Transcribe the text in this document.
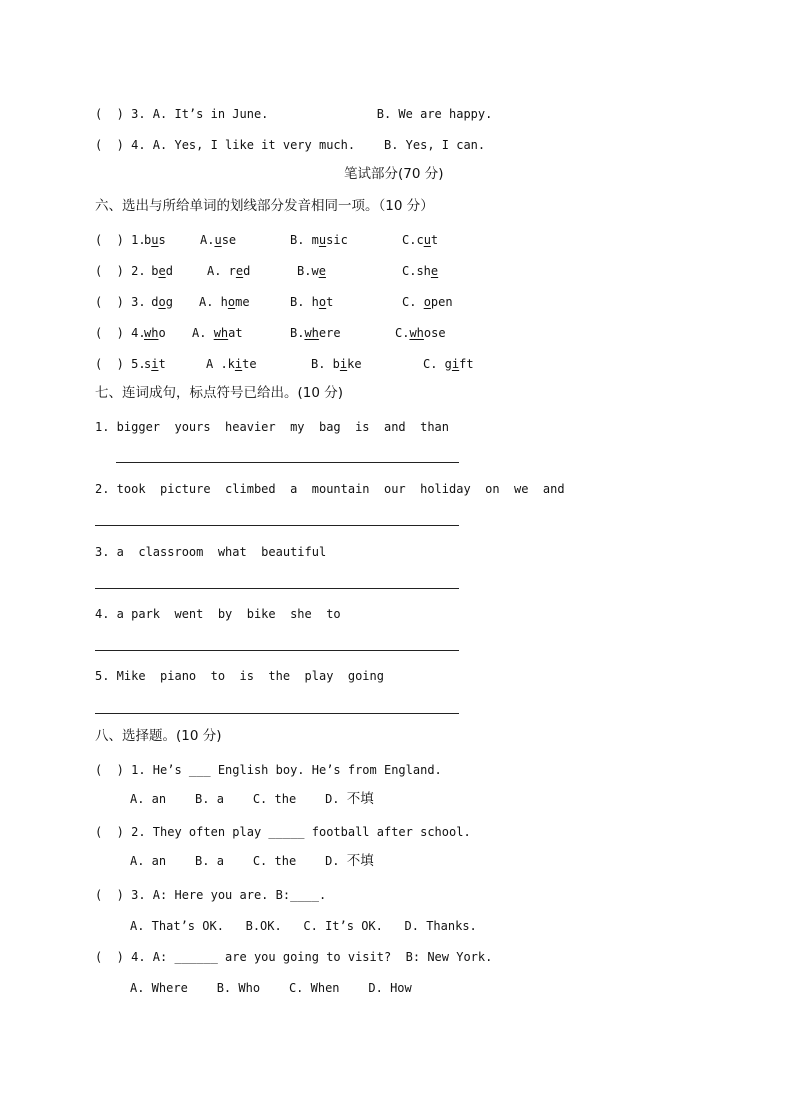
(  ) 3. A. It’s in June.               B. We are happy.
(  ) 4. A. Yes, I like it very much.    B. Yes, I can.
笔试部分(70 分)
六、选出与所给单词的划线部分发音相同一项。（10 分）
(  ) 1.
bus	A.use	B. music	C.cut
(  ) 2.
bed	A. red	B.we	C.she
(  ) 3.
dog A. home	B. hot	C. open
(  ) 4.
who A. what	B.where	C.whose
(  ) 5.
sit	A .kite	B. bike	C. gift
七、连词成句，标点符号已给出。(10 分)
1. bigger  yours  heavier  my  bag  is  and  than
2. took  picture  climbed  a  mountain  our  holiday  on  we  and
3. a  classroom  what  beautiful
4. a park  went  by  bike  she  to
5. Mike  piano  to  is  the  play  going
八、选择题。(10 分)
(  ) 1. He’s ___ English boy. He’s from England.
A. an    B. a    C. the    D. 不填
(  ) 2. They often play _____ football after school.
A. an    B. a    C. the    D. 不填
(  ) 3. A: Here you are. B:____.
A. That’s OK.   B.OK.   C. It’s OK.   D. Thanks.
(  ) 4. A: ______ are you going to visit?  B: New York.
A. Where    B. Who    C. When    D. How
